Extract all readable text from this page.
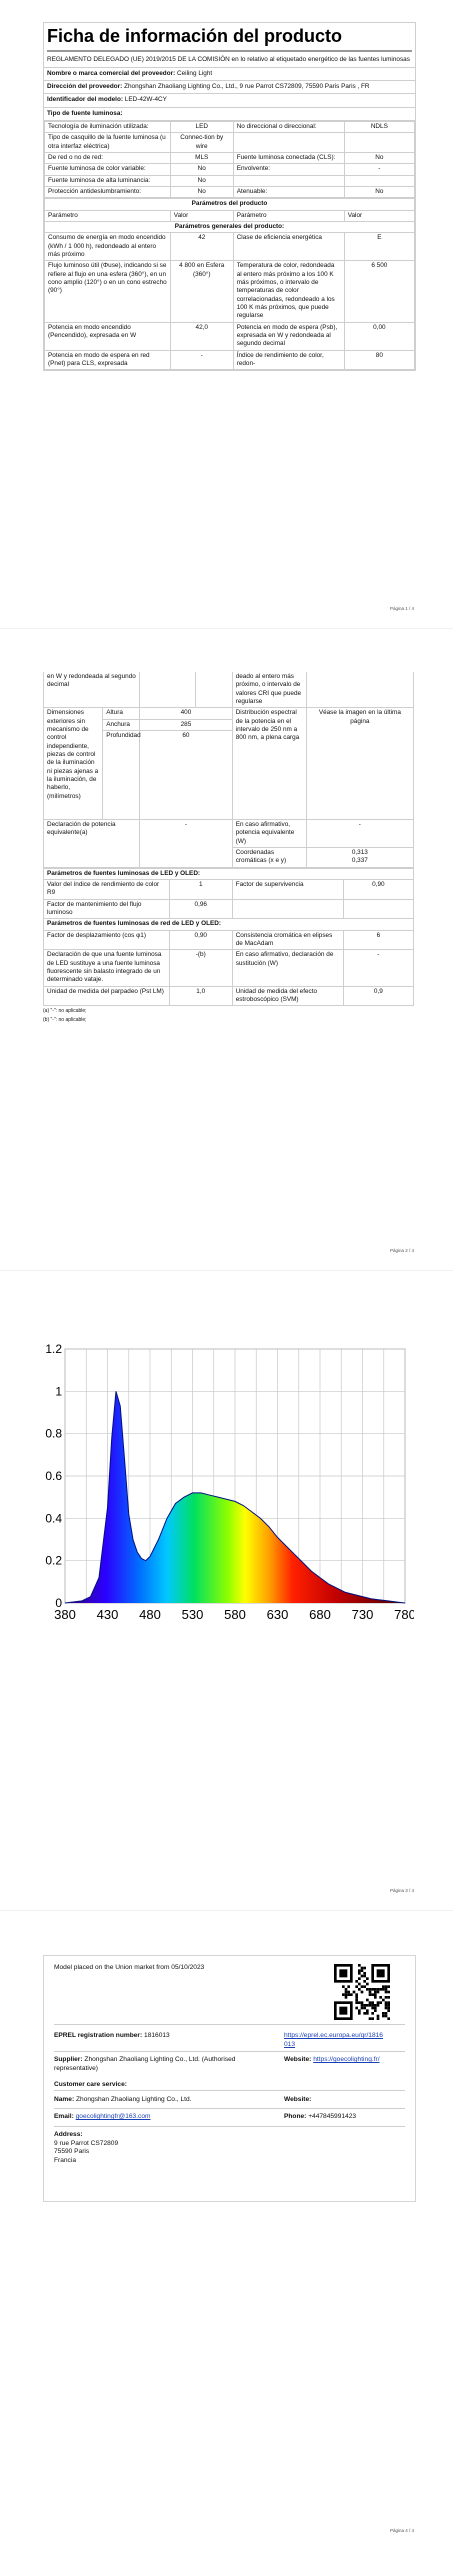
Ficha de información del producto
REGLAMENTO DELEGADO (UE) 2019/2015 DE LA COMISIÓN en lo relativo al etiquetado energético de las fuentes luminosas
Nombre o marca comercial del proveedor: Ceiling Light
Dirección del proveedor: Zhongshan Zhaoliang Lighting Co., Ltd., 9 rue Parrot CS72809, 75590 Paris Paris , FR
Identificador del modelo: LED-42W-4CY
Tipo de fuente luminosa:
Tecnología de iluminación utilizada:	LED	No direccional o direccional:	NDLS
Tipo de casquillo de la fuente luminosa (u otra interfaz eléctrica)	Connec-tion by wire		
De red o no de red:	MLS	Fuente luminosa conectada (CLS):	No
Fuente luminosa de color variable:	No	Envolvente:	-
Fuente luminosa de alta luminancia:	No		
Protección antideslumbramiento:	No	Atenuable:	No
Parámetros del producto			
Parámetro	Valor	Parámetro	Valor
Parámetros generales del producto:			
Consumo de energía en modo encendido (kWh / 1 000 h), redondeado al entero más próximo	42	Clase de eficiencia energética	E
Flujo luminoso útil (Φuse), indicando si se refiere al flujo en una esfera (360°), en un cono amplio (120°) o en un cono estrecho (90°)	4 800 en Esfera (360°)	Temperatura de color, redondeada al entero más próximo a los 100 K más próximos, o intervalo de temperaturas de color correlacionadas, redondeado a los 100 K más próximos, que puede regularse	6 500
Potencia en modo encendido (Pencendido), expresada en W	42,0	Potencia en modo de espera (Psb), expresada en W y redondeada al segundo decimal	0,00
Potencia en modo de espera en red (Pnet) para CLS, expresada	-	Índice de rendimiento de color, redon-	80
Página 1 / 4
en W y redondeada al segundo decimal				deado al entero más próximo, o intervalo de valores CRI que puede regularse	
Dimensiones exteriores sin mecanismo de control independiente, piezas de control de la iluminación ni piezas ajenas a la iluminación, de haberlo, (milímetros)	Altura	400		Distribución espectral de la potencia en el intervalo de 250 nm a 800 nm, a plena carga	Véase la imagen en la última página
	Anchura	285			
	Profundidad	60			
Declaración de potencia equivalente(a)		-		En caso afirmativo, potencia equivalente (W)	-
				Coordenadas cromáticas (x e y)	0,313
0,337
Parámetros de fuentes luminosas de LED y OLED:			
Valor del índice de rendimiento de color R9	1	Factor de supervivencia	0,90
Factor de mantenimiento del flujo luminoso	0,96		
Parámetros de fuentes luminosas de red de LED y OLED:			
Factor de desplazamiento (cos φ1)	0,90	Consistencia cromática en elipses de MacAdam	6
Declaración de que una fuente luminosa de LED sustituye a una fuente luminosa fluorescente sin balasto integrado de un determinado vataje.	-(b)	En caso afirmativo, declaración de sustitución (W)	-
Unidad de medida del parpadeo (Pst LM)	1,0	Unidad de medida del efecto estroboscópico (SVM)	0,9
(a) "-": no aplicable;
(b) "-": no aplicable;
Página 2 / 4
0
0.2
0.4
0.6
0.8
1
1.2
380 430 480 530 580 630 680 730 780
Página 3 / 4
Model placed on the Union market from 05/10/2023
EPREL registration number: 1816013	https://eprel.ec.europa.eu/qr/1816013
Supplier: Zhongshan Zhaoliang Lighting Co., Ltd. (Authorised representative)
Website: https://goecolighting.fr/
Customer care service:
Name: Zhongshan Zhaoliang Lighting Co., Ltd.	Website:
Email: goecolightingfr@163.com	Phone: +447845991423
Address:
9 rue Parrot CS72809
75590 Paris
Francia
Página 4 / 4
